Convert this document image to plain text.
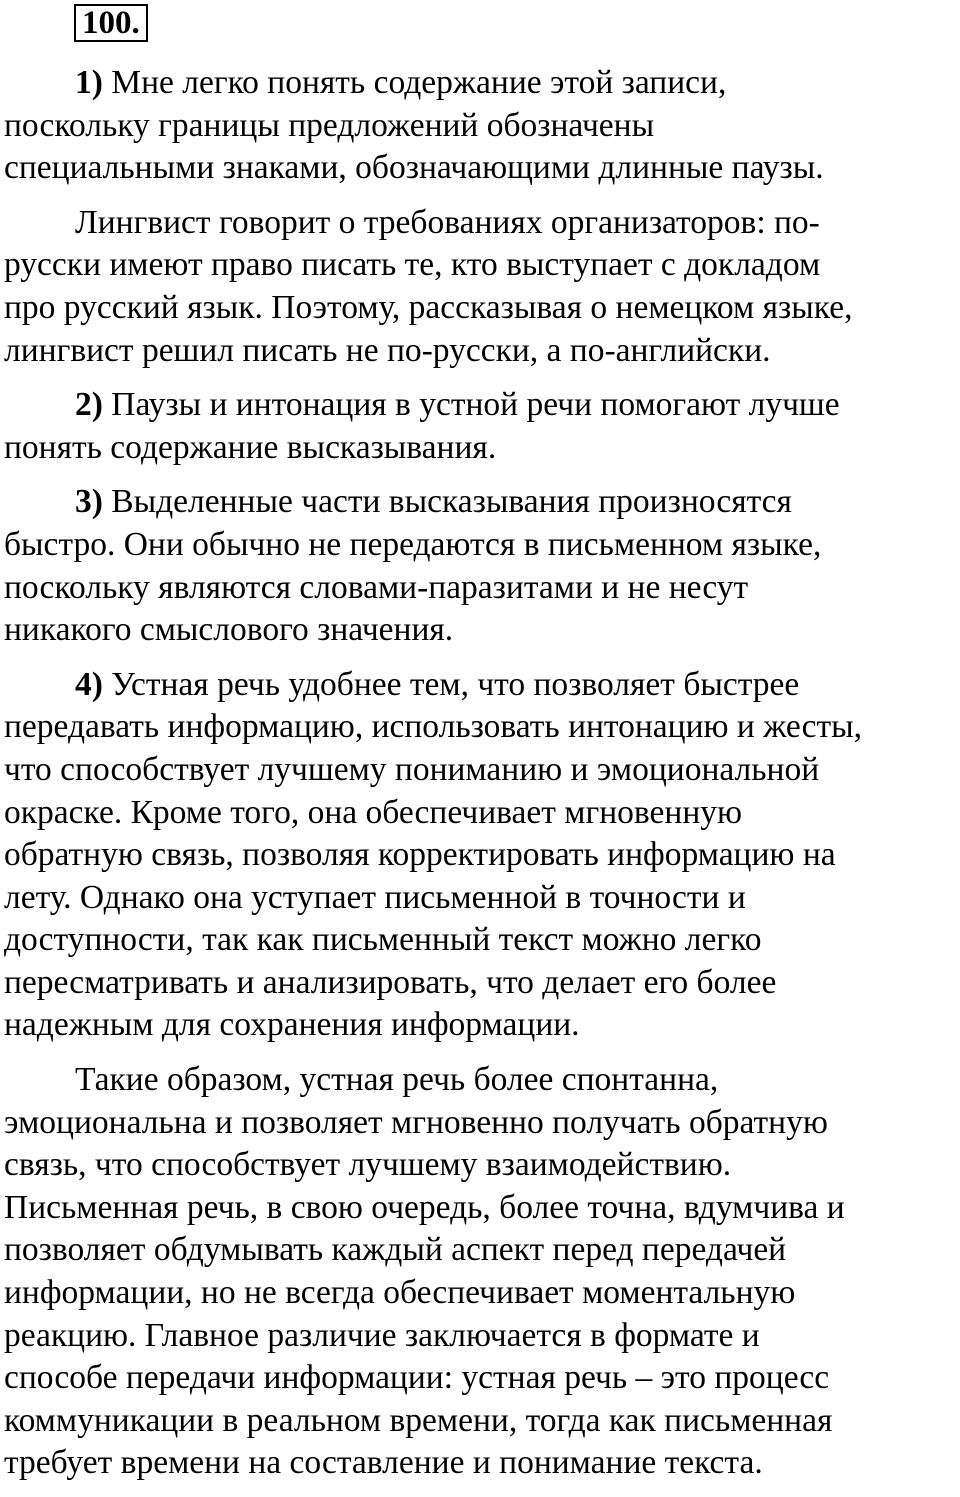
100.
1) Мне легко понять содержание этой записи,
поскольку границы предложений обозначены
специальными знаками, обозначающими длинные паузы.
Лингвист говорит о требованиях организаторов: по-
русски имеют право писать те, кто выступает с докладом
про русский язык. Поэтому, рассказывая о немецком языке,
лингвист решил писать не по-русски, а по-английски.
2) Паузы и интонация в устной речи помогают лучше
понять содержание высказывания.
3) Выделенные части высказывания произносятся
быстро. Они обычно не передаются в письменном языке,
поскольку являются словами-паразитами и не несут
никакого смыслового значения.
4) Устная речь удобнее тем, что позволяет быстрее
передавать информацию, использовать интонацию и жесты,
что способствует лучшему пониманию и эмоциональной
окраске. Кроме того, она обеспечивает мгновенную
обратную связь, позволяя корректировать информацию на
лету. Однако она уступает письменной в точности и
доступности, так как письменный текст можно легко
пересматривать и анализировать, что делает его более
надежным для сохранения информации.
Такие образом, устная речь более спонтанна,
эмоциональна и позволяет мгновенно получать обратную
связь, что способствует лучшему взаимодействию.
Письменная речь, в свою очередь, более точна, вдумчива и
позволяет обдумывать каждый аспект перед передачей
информации, но не всегда обеспечивает моментальную
реакцию. Главное различие заключается в формате и
способе передачи информации: устная речь – это процесс
коммуникации в реальном времени, тогда как письменная
требует времени на составление и понимание текста.
